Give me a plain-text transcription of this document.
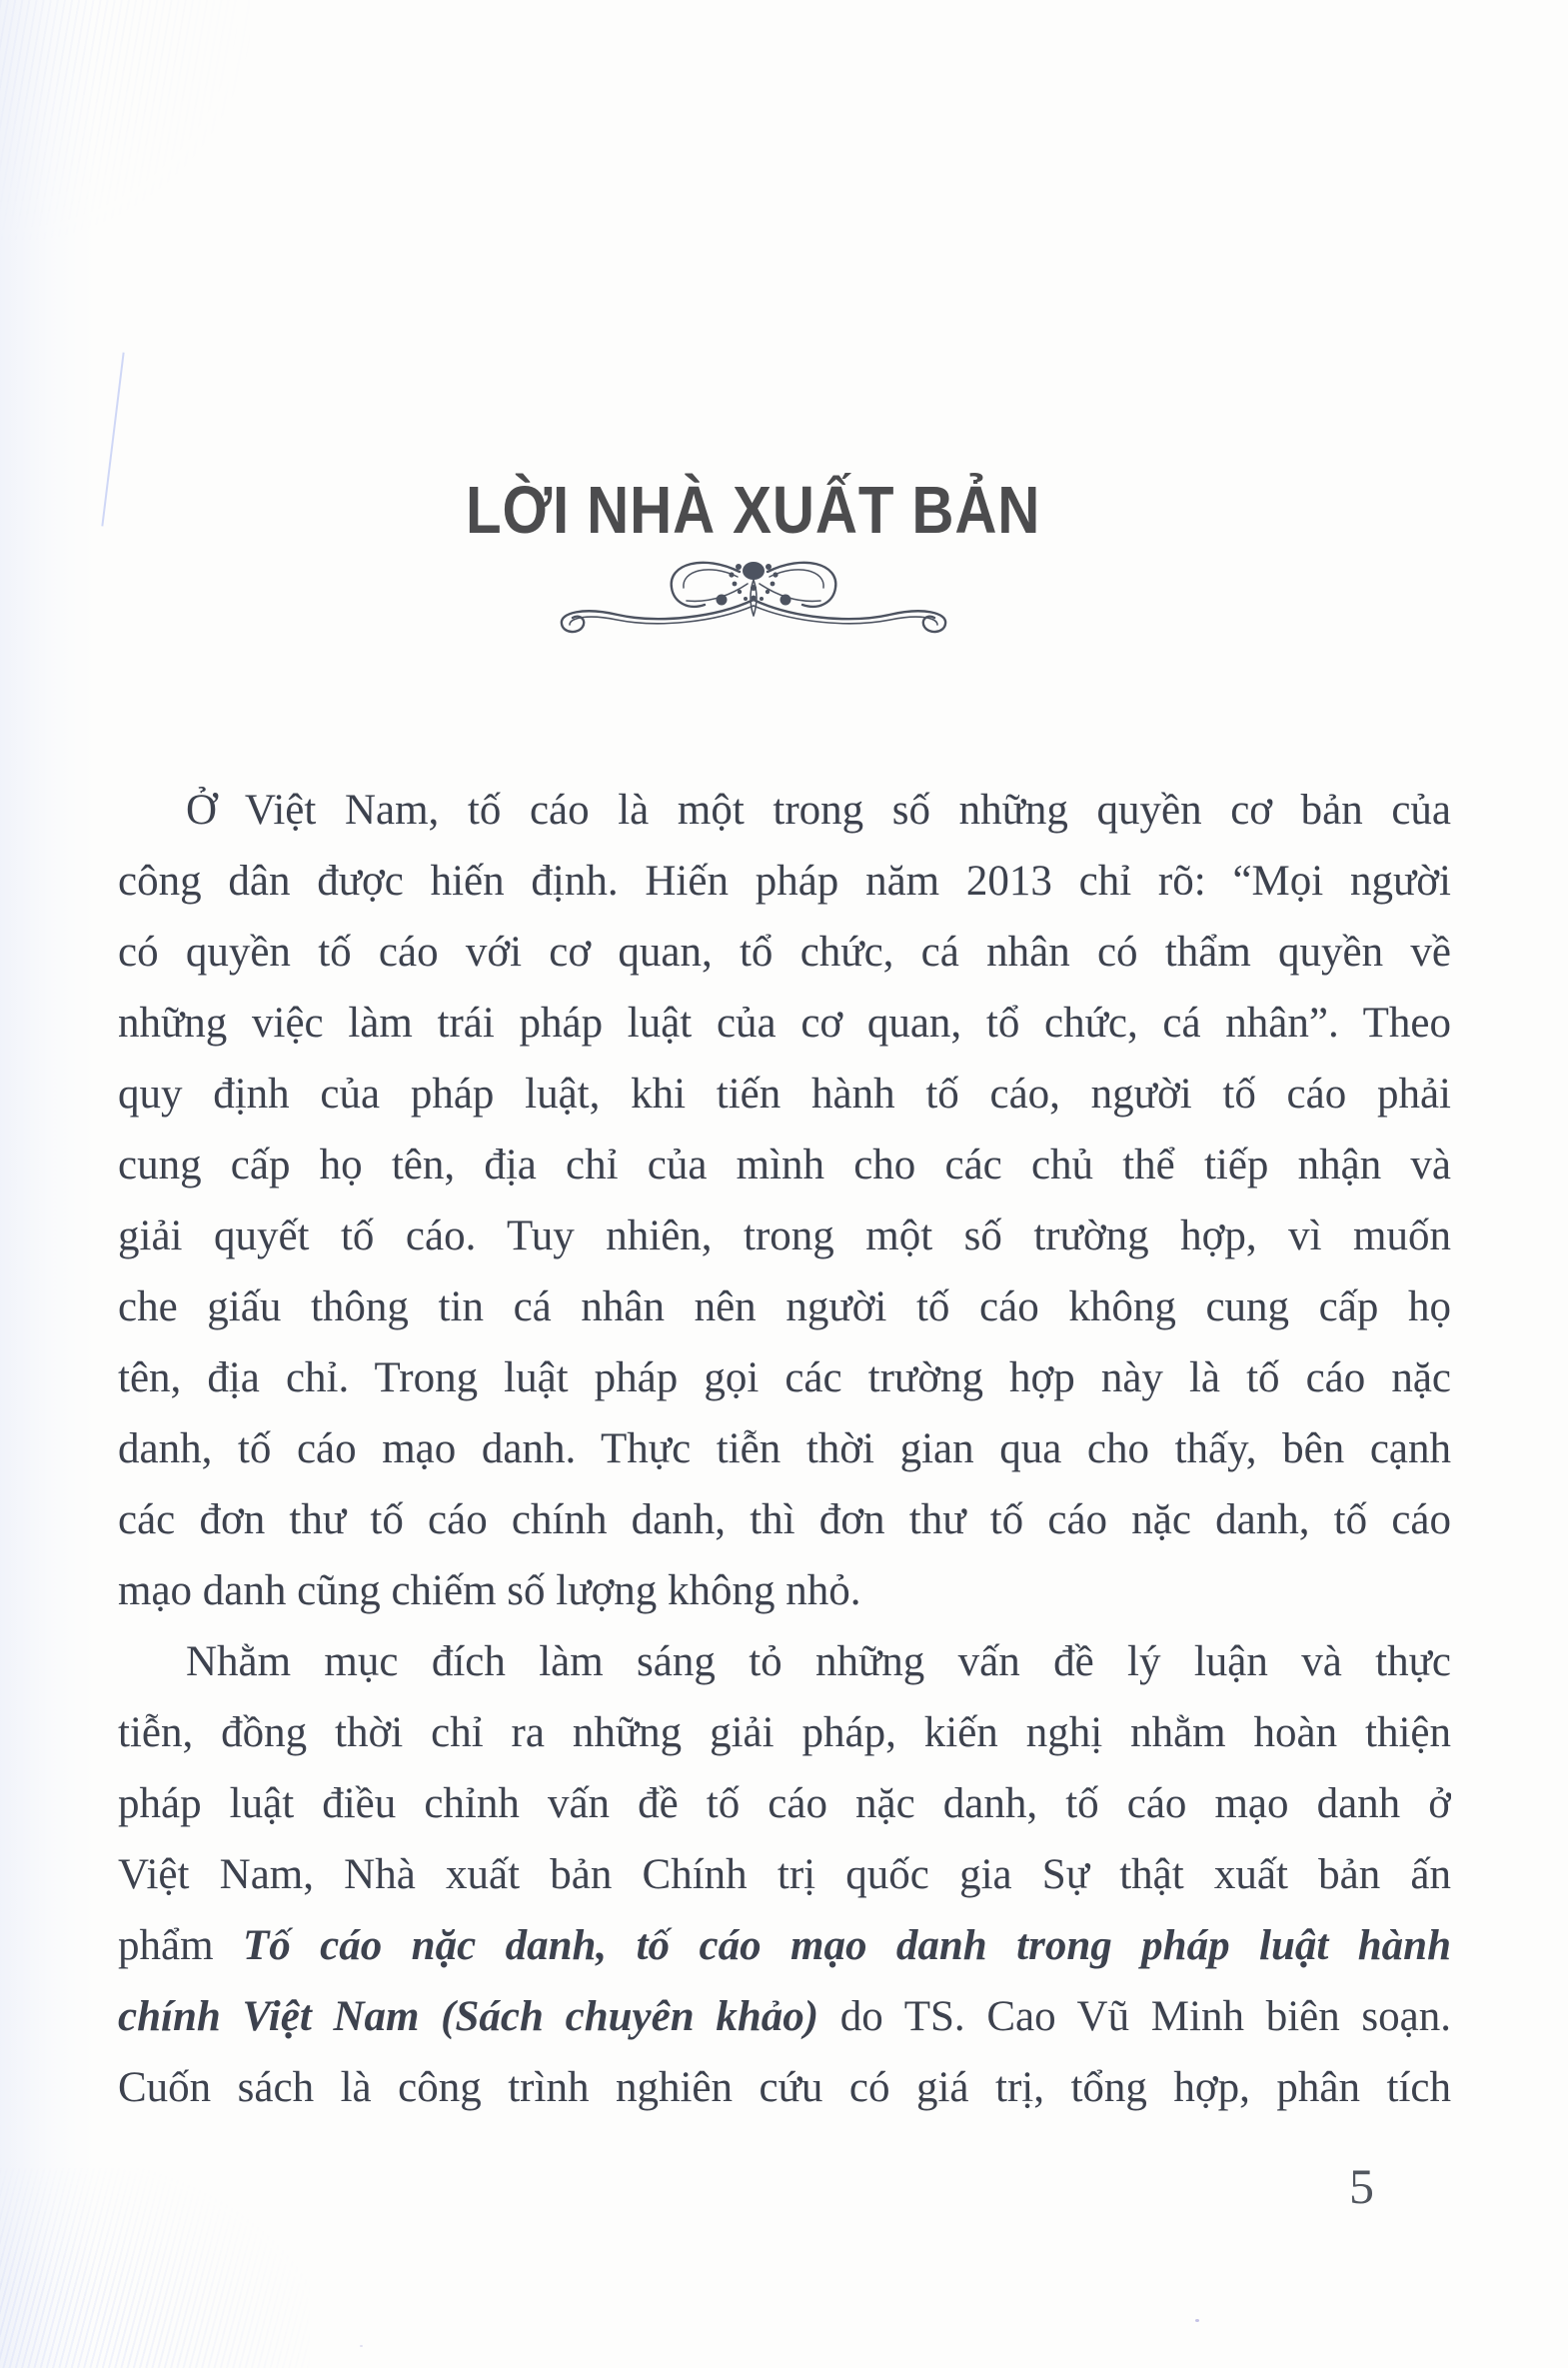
LỜI NHÀ XUẤT BẢN
Ở Việt Nam, tố cáo là một trong số những quyền cơ bản của
công dân được hiến định. Hiến pháp năm 2013 chỉ rõ: “Mọi người
có quyền tố cáo với cơ quan, tổ chức, cá nhân có thẩm quyền về
những việc làm trái pháp luật của cơ quan, tổ chức, cá nhân”. Theo
quy định của pháp luật, khi tiến hành tố cáo, người tố cáo phải
cung cấp họ tên, địa chỉ của mình cho các chủ thể tiếp nhận và
giải quyết tố cáo. Tuy nhiên, trong một số trường hợp, vì muốn
che giấu thông tin cá nhân nên người tố cáo không cung cấp họ
tên, địa chỉ. Trong luật pháp gọi các trường hợp này là tố cáo nặc
danh, tố cáo mạo danh. Thực tiễn thời gian qua cho thấy, bên cạnh
các đơn thư tố cáo chính danh, thì đơn thư tố cáo nặc danh, tố cáo
mạo danh cũng chiếm số lượng không nhỏ.
Nhằm mục đích làm sáng tỏ những vấn đề lý luận và thực
tiễn, đồng thời chỉ ra những giải pháp, kiến nghị nhằm hoàn thiện
pháp luật điều chỉnh vấn đề tố cáo nặc danh, tố cáo mạo danh ở
Việt Nam, Nhà xuất bản Chính trị quốc gia Sự thật xuất bản ấn
phẩm Tố cáo nặc danh, tố cáo mạo danh trong pháp luật hành
chính Việt Nam (Sách chuyên khảo) do TS. Cao Vũ Minh biên soạn.
Cuốn sách là công trình nghiên cứu có giá trị, tổng hợp, phân tích
5
